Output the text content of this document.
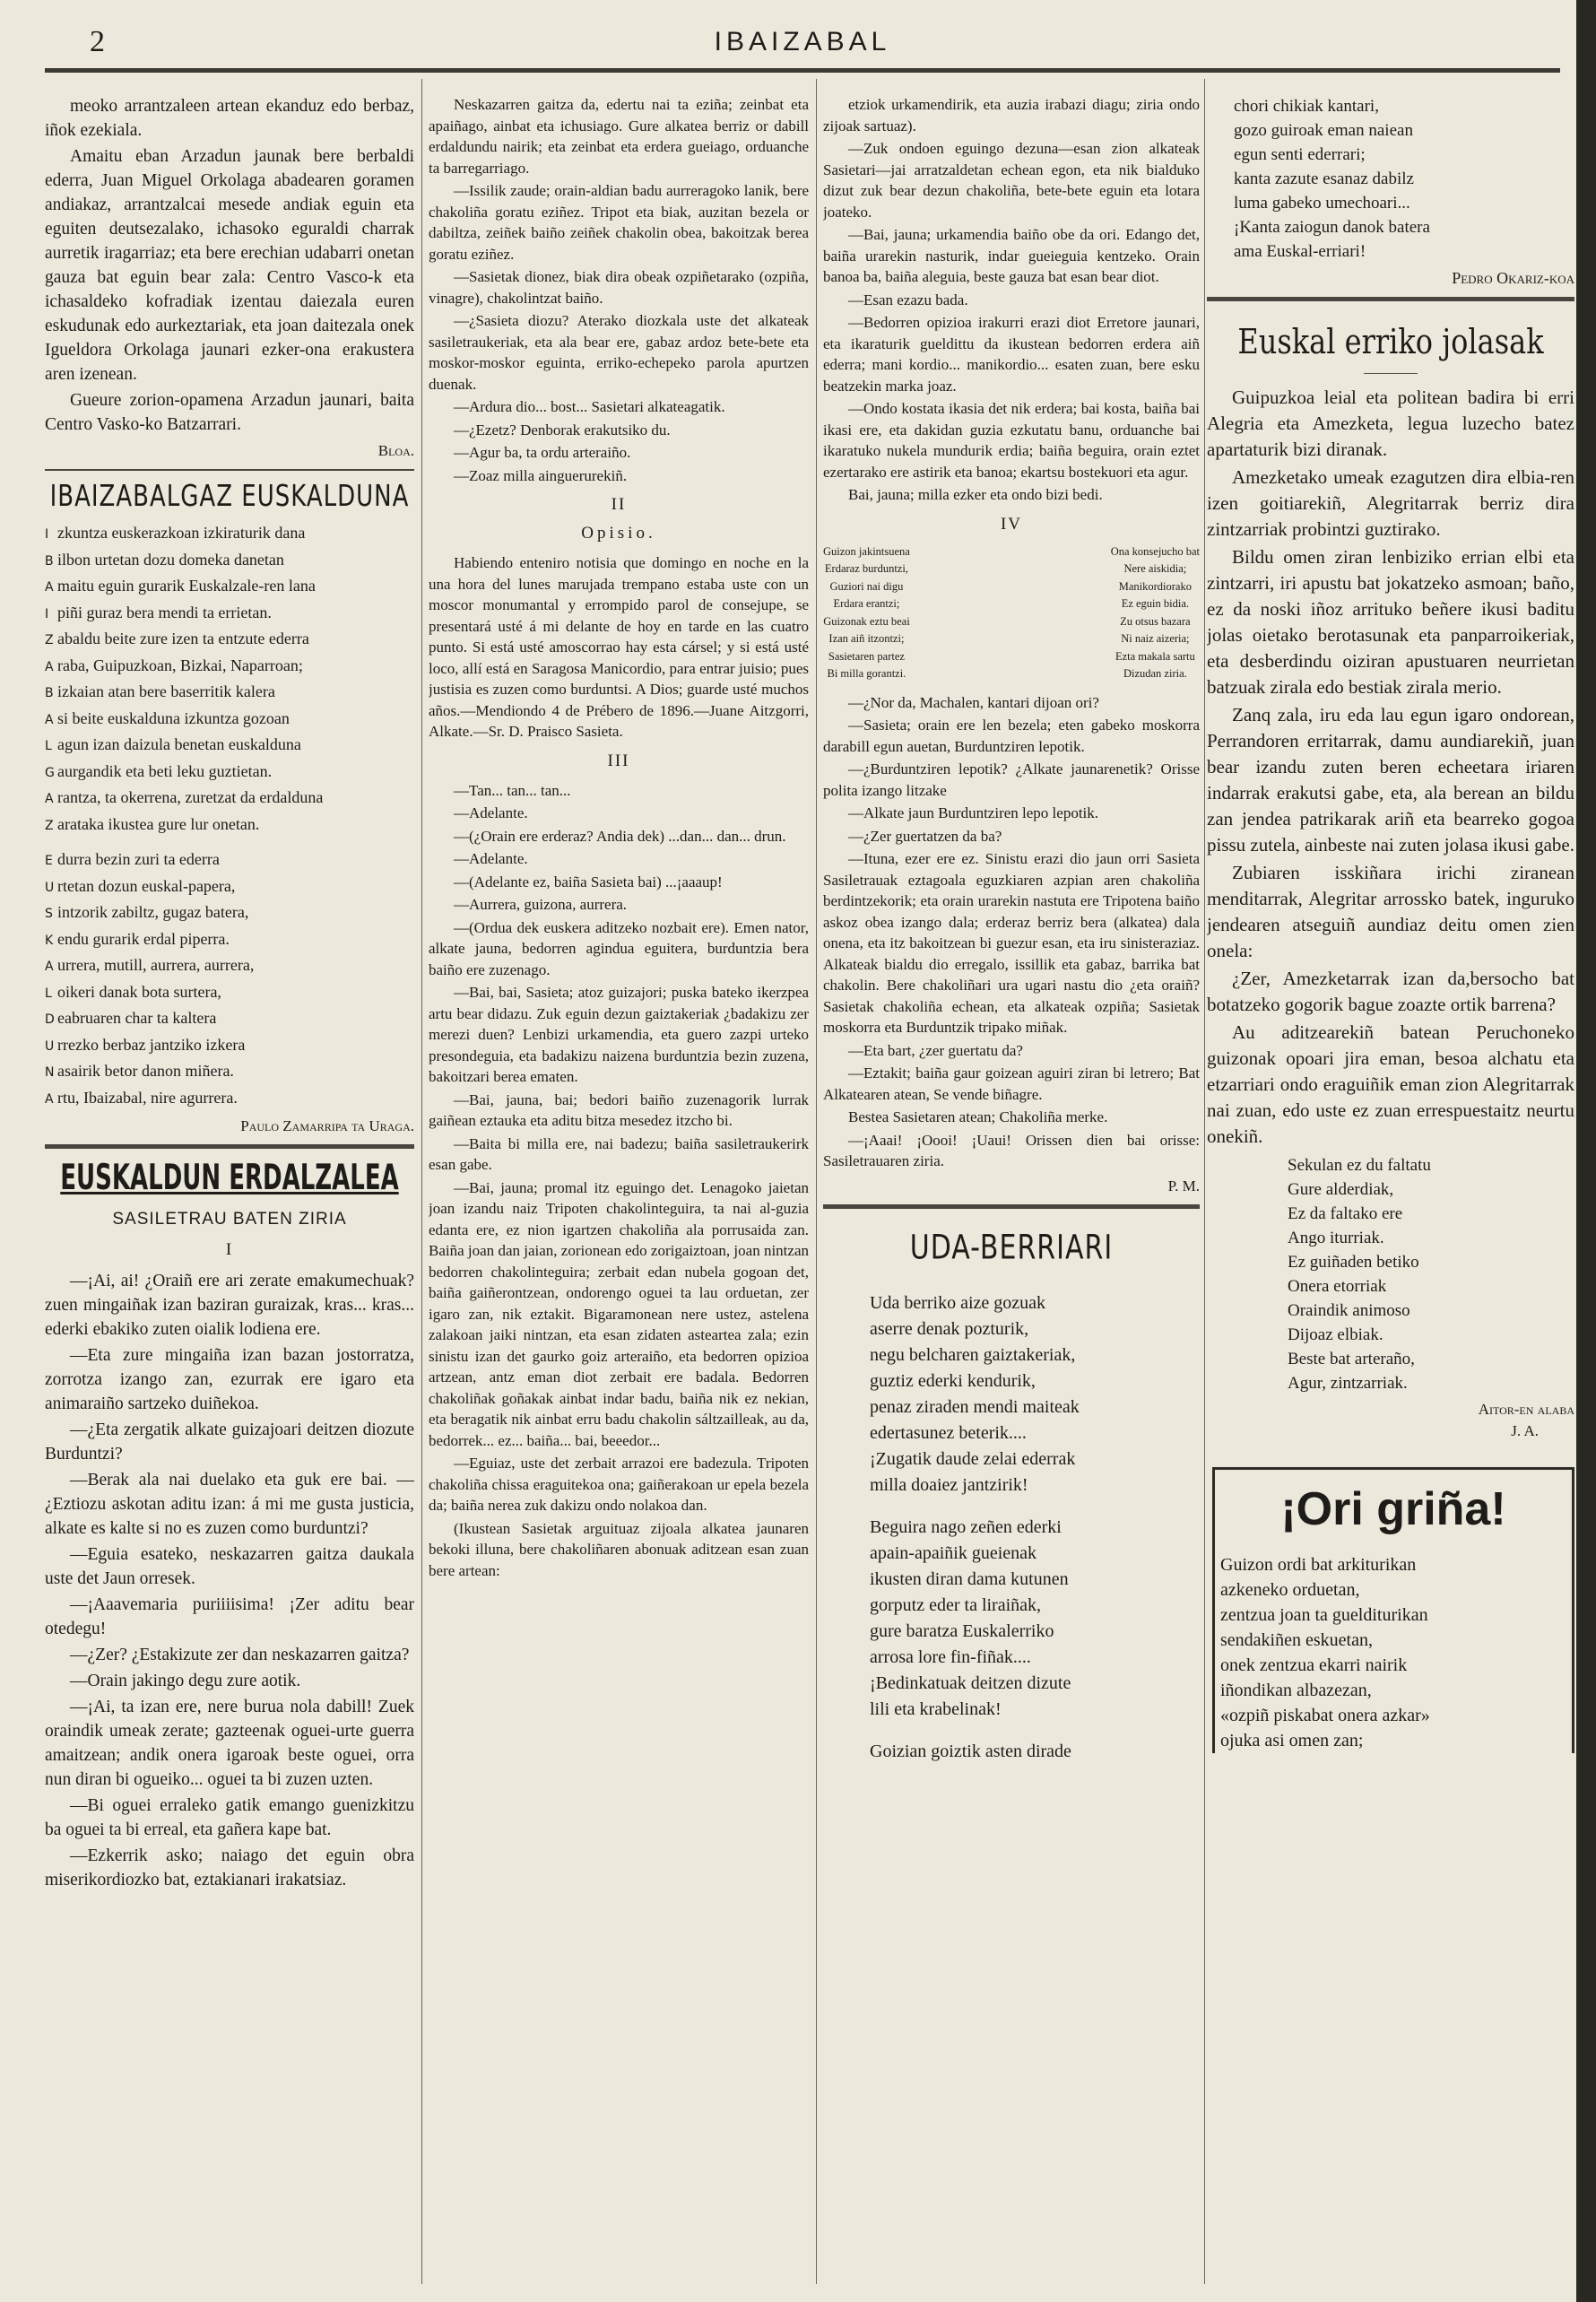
2	IBAIZABAL

meoko arrantzaleen artean ekanduz edo berbaz, iñok ezekiala.

Amaitu eban Arzadun jaunak bere berbaldi ederra, Juan Miguel Orkolaga abadearen goramen andiakaz, arrantzalcai mesede andiak eguin eta eguiten deutsezalako, ichasoko eguraldi charrak aurretik iragarriaz; eta bere erechian udabarri onetan gauza bat eguin bear zala: Centro Vasco-k eta ichasaldeko kofradiak izentau daiezala euren eskudunak edo aurkeztariak, eta joan daitezala onek Igueldora Orkolaga jaunari ezker-ona erakustera aren izenean.

Gueure zorion-opamena Arzadun jaunari, baita Centro Vasko-ko Batzarrari.

Bloa.
IBAIZABALGAZ EUSKALDUNA
I zkuntza euskerazkoan izkiraturik dana
B ilbon urtetan dozu domeka danetan
A maitu eguin gurarik Euskalzale-ren lana
I piñi guraz bera mendi ta errietan.
Z abaldu beite zure izen ta entzute ederra
A raba, Guipuzkoan, Bizkai, Naparroan;
B izkaian atan bere baserritik kalera
A si beite euskalduna izkuntza gozoan
L agun izan daizula benetan euskalduna
G aurgandik eta beti leku guztietan.
A rantza, ta okerrena, zuretzat da erdalduna
Z arataka ikustea gure lur onetan.
E durra bezin zuri ta ederra
U rtetan dozun euskal-papera,
S intzorik zabiltz, gugaz batera,
K endu gurarik erdal piperra.
A urrera, mutill, aurrera, aurrera,
L oikeri danak bota surtera,
D eabruaren char ta kaltera
U rrezko berbaz jantziko izkera
N asairik betor danon miñera.
A rtu, Ibaizabal, nire agurrera.
Paulo Zamarripa ta Uraga.
EUSKALDUN ERDALZALEA
SASILETRAU BATEN ZIRIA
I

—¡Ai, ai! ¿Oraiñ ere ari zerate emakumechuak? zuen mingaiñak izan baziran guraizak, kras... kras... ederki ebakiko zuten oialik lodiena ere.

—Eta zure mingaiña izan bazan jostorratza, zorrotza izango zan, ezurrak ere igaro eta animaraiño sartzeko duiñekoa.

—¿Eta zergatik alkate guizajoari deitzen diozute Burduntzi?

—Berak ala nai duelako eta guk ere bai. —¿Eztiozu askotan aditu izan: á mi me gusta justicia, alkate es kalte si no es zuzen como burduntzi?

—Eguia esateko, neskazarren gaitza daukala uste det Jaun orresek.

—¡Aaavemaria puriiiisima! ¡Zer aditu bear otedegu!

—¿Zer? ¿Estakizute zer dan neskazarren gaitza?

—Orain jakingo degu zure aotik.

—¡Ai, ta izan ere, nere burua nola dabill! Zuek oraindik umeak zerate; gazteenak oguei-urte guerra amaitzean; andik onera igaroak beste oguei, orra nun diran bi ogueiko... oguei ta bi zuzen uzten.

—Bi oguei erraleko gatik emango guenizkitzu ba oguei ta bi erreal, eta gañera kape bat.

—Ezkerrik asko; naiago det eguin obra miserikordiozko bat, eztakianari irakatsiaz.

Neskazarren gaitza da, edertu nai ta eziña; zeinbat eta apaiñago, ainbat eta ichusiago. Gure alkatea berriz or dabill erdaldundu nairik; eta zeinbat eta erdera gueiago, orduanche ta barregarriago.

—Issilik zaude; orain-aldian badu aurreragoko lanik, bere chakoliña goratu eziñez. Tripot eta biak, auzitan bezela or dabiltza, zeiñek baiño zeiñek chakolin obea, bakoitzak berea goratu eziñez.

—Sasietak dionez, biak dira obeak ozpiñetarako (ozpiña, vinagre), chakolintzat baiño.

—¿Sasieta diozu? Aterako diozkala uste det alkateak sasiletraukeriak, eta ala bear ere, gabaz ardoz bete-bete eta moskor-moskor eguinta, erriko-echepeko parola apurtzen duenak.

—Ardura dio... bost... Sasietari alkateagatik.

—¿Ezetz? Denborak erakutsiko du.

—Agur ba, ta ordu arteraiño.

—Zoaz milla ainguerurekiñ.

II
Opisio.

Habiendo enteniro notisia que domingo en noche en la una hora del lunes marujada trempano estaba uste con un moscor monumantal y errompido parol de consejupe, se presentará usté á mi delante de hoy en tarde en las cuatro punto. Si está usté amoscorrao hay esta cársel; y si está usté loco, allí está en Saragosa Manicordio, para entrar juisio; pues justisia es zuzen como burduntsi. A Dios; guarde usté muchos años.—Mendiondo 4 de Prébero de 1896.—Juane Aitzgorri, Alkate.—Sr. D. Praisco Sasieta.

III

—Tan... tan... tan...

—Adelante.

—(¿Orain ere erderaz? Andia dek) ...dan... dan... drun.

—Adelante.

—(Adelante ez, baiña Sasieta bai) ...¡aaaup!

—Aurrera, guizona, aurrera.

—(Ordua dek euskera aditzeko nozbait ere). Emen nator, alkate jauna, bedorren agindua eguitera, burduntzia bera baiño ere zuzenago.

—Bai, bai, Sasieta; atoz guizajori; puska bateko ikerzpea artu bear didazu. Zuk eguin dezun gaiztakeriak ¿badakizu zer merezi duen? Lenbizi urkamendia, eta guero zazpi urteko presondeguia, eta badakizu naizena burduntzia bezin zuzena, bakoitzari berea ematen.

—Bai, jauna, bai; bedori baiño zuzenagorik lurrak gaiñean eztauka eta aditu bitza mesedez itzcho bi.

—Baita bi milla ere, nai badezu; baiña sasiletraukerirk esan gabe.

—Bai, jauna; promal itz eguingo det. Lenagoko jaietan joan izandu naiz Tripoten chakolinteguira, ta nai al-guzia edanta ere, ez nion igartzen chakoliña ala porrusaida zan. Baiña joan dan jaian, zorionean edo zorigaiztoan, joan nintzan bedorren chakolinteguira; zerbait edan nubela gogoan det, baiña gaiñerontzean, ondorengo oguei ta lau orduetan, zer igaro zan, nik eztakit. Bigaramonean nere ustez, astelena zalakoan jaiki nintzan, eta esan zidaten astearteа zala; ezin sinistu izan det gaurko goiz arteraiño, eta bedorren opizioa artzean, antz eman diot zerbait ere badala. Bedorren chakoliñak goñakak ainbat indar badu, baiña nik ez nekian, eta beragatik nik ainbat erru badu chakolin sáltzaillеak, au da, bedorrek... ez... baiña... bai, beeedor...

—Eguiaz, uste det zerbait arrazoi ere badezula. Tripoten chakoliña chissa eraguitekoa ona; gaiñerakoan ur epela bezela da; baiña nerea zuk dakizu ondo nolakoa dan.

(Ikustean Sasietak arguituaz zijoala alkatea jaunaren bekoki illuna, bere chakoliñaren abonuak aditzean esan zuan bere artean:

etziok urkamendirik, eta auzia irabazi diagu; ziria ondo zijoak sartuaz).

—Zuk ondoen eguingo dezuna—esan zion alkateak Sasietari—jai arratzaldetan echean egon, eta nik bialduko dizut zuk bear dezun chakoliña, bete-bete eguin eta lotara joateko.

—Bai, jauna; urkamendia baiño obe da ori. Edango det, baiña urarekin nasturik, indar gueieguia kentzeko. Orain banoa ba, baiña aleguia, beste gauza bat esan bear diot.

—Esan ezazu bada.

—Bedorren opizioa irakurri erazi diot Erretore jaunari, eta ikaraturik gueldittu da ikustean bedorren erdera aiñ ederra; mani kordio... manikordio... esaten zuan, bere esku beatzekin marka joaz.

—Ondo kostata ikasia det nik erdera; bai kosta, baiña bai ikasi ere, eta dakidan guzia ezkutatu banu, orduanche bai ikaratuko nukela mundurik erdia; baiña beguira, orain eztet ezertarako ere astirik eta banoa; ekartsu bostekuori eta agur.

Bai, jauna; milla ezker eta ondo bizi bedi.

IV
Guizon jakintsuena
Erdaraz burduntzi,
Guziori nai digu
Erdara erantzi;
Guizonak eztu beai
Izan aiñ itzontzi;
Sasietaren partez
Bi milla gorantzi.
Ona konsejucho bat
Nere aiskidia;
Manikordiorako
Ez eguin bidia.
Zu otsus bazara
Ni naiz aizeria;
Ezta makala sartu
Dizudan ziria.

—¿Nor da, Machalen, kantari dijoan ori?

—Sasieta; orain ere len bezela; eten gabeko moskorra darabill egun auetan, Burduntziren lepotik.

—¿Burduntziren lepotik? ¿Alkate jaunarenetik? Orisse polita izango litzake

—Alkate jaun Burduntziren lepo lepotik.

—¿Zer guertatzen da ba?

—Ituna, ezer ere ez. Sinistu erazi dio jaun orri Sasieta Sasiletrauak eztagoala eguzkiaren azpian aren chakoliña berdintzekorik; eta orain urarekin nastuta ere Tripotena baiño askoz obea izango dala; erderaz berriz bera (alkatea) dala onena, eta itz bakoitzean bi guezur esan, eta iru sinisteraziaz. Alkateak bialdu dio erregalo, issillik eta gabaz, barrika bat chakolin. Bere chakoliñari ura ugari nastu dio ¿eta oraiñ? Sasietak chakoliña echean, eta alkateak ozpiña; Sasietak moskorra eta Burduntzik tripako miñak.

—Eta bart, ¿zer guertatu da?

—Eztakit; baiña gaur goizean aguiri ziran bi letrero; Bat Alkatearen atean, Se vende biñagre.

Bestea Sasietaren atean; Chakoliña merke.

—¡Aaai! ¡Oooi! ¡Uaui! Orissen dien bai orisse: Sasiletrauaren ziria.

P. M.
UDA-BERRIARI
Uda berriko aize gozuak
aserre denak pozturik,
negu belcharen gaiztakeriak,
guztiz ederki kendurik,
penaz ziraden mendi maiteak
edertasunez beterik....
¡Zugatik daude zelai ederrak
milla doaiez jantzirik!
Beguira nago zeñen ederki
apain-apaiñik gueienak
ikusten diran dama kutunen
gorputz eder ta liraiñak,
gure baratza Euskalerriko
arrosa lore fin-fiñak....
¡Bedinkatuak deitzen dizute
lili eta krabelinak!
Goizian goiztik asten dirade
chori chikiak kantari,
gozo guiroak eman naiean
egun senti ederrari;
kanta zazute esanaz dabilz
luma gabeko umechoari...
¡Kanta zaiogun danok batera
ama Euskal-erriari!
Pedro Okariz-koa
Euskal erriko jolasak

Guipuzkoa leial eta politean badira bi erri Alegria eta Amezketa, legua luzecho batez apartaturik bizi diranak.

Amezketako umeak ezagutzen dira elbia-ren izen goitiarekiñ, Alegritarrak berriz dira zintzarriak probintzi guztirako.

Bildu omen ziran lenbiziko errian elbi eta zintzarri, iri apustu bat jokatzeko asmoan; baño, ez da noski iñoz arrituko beñere ikusi baditu jolas oietako berotasunak eta panparroikeriak, eta desberdindu oiziran apustuaren neurrietan batzuak zirala edo bestiak zirala merio.

Zanq zala, iru eda lau egun igaro ondorean, Perrandoren erritarrak, damu aundiarekiñ, juan bear izandu zuten beren echeetara iriaren indarrak erakutsi gabe, eta, ala berean an bildu zan jendea patrikarak ariñ eta bearreko gogoa pissu zutela, ainbeste nai zuten jolasa ikusi gabe.

Zubiaren isskiñara irichi ziranean menditarrak, Alegritar arrossko batek, inguruko jendearen atseguiñ aundiaz deitu omen zien onela:

¿Zer, Amezketarrak izan da,bersocho bat botatzeko gogorik bague zoazte ortik barrena?

Au aditzearekiñ batean Peruchoneko guizonak opoari jira eman, besoa alchatu eta etzarriari ondo eraguiñik eman zion Alegritarrak nai zuan, edo uste ez zuan errespuestaitz neurtu onekiñ.

Sekulan ez du faltatu
Gure alderdiak,
Ez da faltako ere
Ango iturriak.
Ez guiñaden betiko
Onera etorriak
Oraindik animoso
Dijoaz elbiak.
Beste bat arteraño,
Agur, zintzarriak.
Aitor-en alaba
J. A.
¡Ori griña!
Guizon ordi bat arkiturikan
azkeneko orduetan,
zentzua joan ta guelditurikan
sendakiñen eskuetan,
onek zentzua ekarri nairik
iñondikan albazezan,
«ozpiñ piskabat onera azkar»
ojuka asi omen zan;
